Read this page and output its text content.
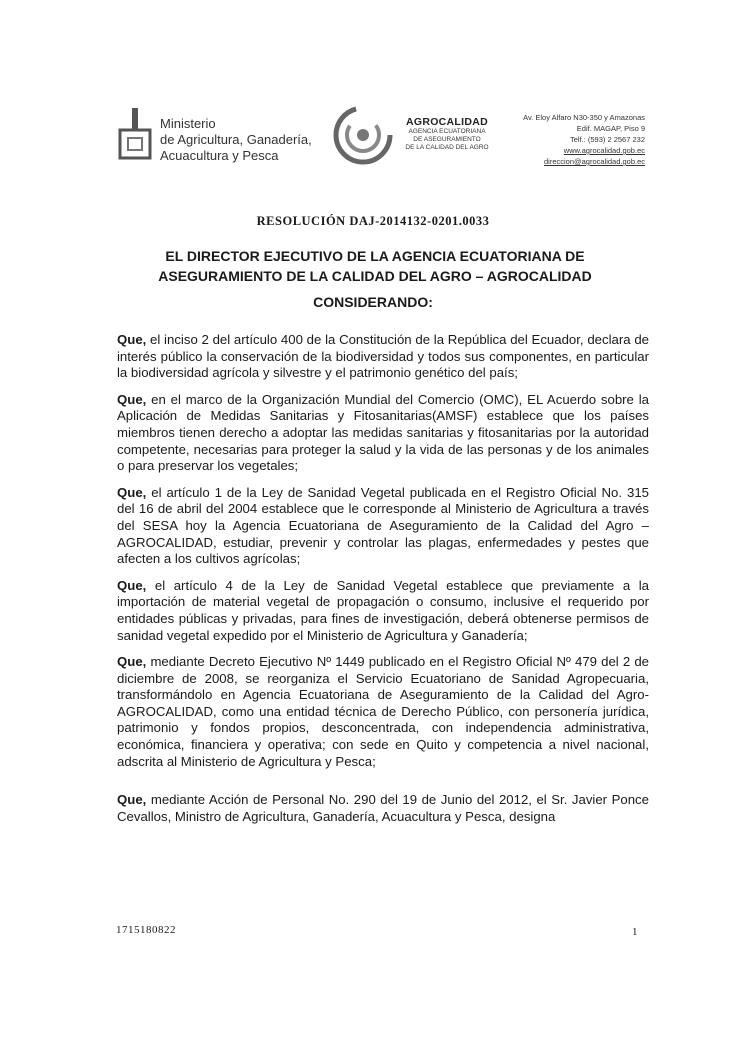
Ministerio
de Agricultura, Ganadería,
Acuacultura y Pesca
AGROCALIDAD
AGENCIA ECUATORIANA
DE ASEGURAMIENTO
DE LA CALIDAD DEL AGRO
Av. Eloy Alfaro N30-350 y Amazonas
Edif. MAGAP, Piso 9
Telf.: (593) 2 2567 232
www.agrocalidad.gob.ec
direccion@agrocalidad.gob.ec
RESOLUCIÓN DAJ-2014132-0201.0033
EL DIRECTOR EJECUTIVO DE LA AGENCIA ECUATORIANA DE ASEGURAMIENTO DE LA CALIDAD DEL AGRO – AGROCALIDAD
CONSIDERANDO:

Que, el inciso 2 del artículo 400 de la Constitución de la República del Ecuador, declara de interés público la conservación de la biodiversidad y todos sus componentes, en particular la biodiversidad agrícola y silvestre y el patrimonio genético del país;

Que, en el marco de la Organización Mundial del Comercio (OMC), EL Acuerdo sobre la Aplicación de Medidas Sanitarias y Fitosanitarias(AMSF) establece que los países miembros tienen derecho a adoptar las medidas sanitarias y fitosanitarias por la autoridad competente, necesarias para proteger la salud y la vida de las personas y de los animales o para preservar los vegetales;

Que, el artículo 1 de la Ley de Sanidad Vegetal publicada en el Registro Oficial No. 315 del 16 de abril del 2004 establece que le corresponde al Ministerio de Agricultura a través del SESA hoy la Agencia Ecuatoriana de Aseguramiento de la Calidad del Agro – AGROCALIDAD, estudiar, prevenir y controlar las plagas, enfermedades y pestes que afecten a los cultivos agrícolas;

Que, el artículo 4 de la Ley de Sanidad Vegetal establece que previamente a la importación de material vegetal de propagación o consumo, inclusive el requerido por entidades públicas y privadas, para fines de investigación, deberá obtenerse permisos de sanidad vegetal expedido por el Ministerio de Agricultura y Ganadería;

Que, mediante Decreto Ejecutivo Nº 1449 publicado en el Registro Oficial Nº 479 del 2 de diciembre de 2008, se reorganiza el Servicio Ecuatoriano de Sanidad Agropecuaria, transformándolo en Agencia Ecuatoriana de Aseguramiento de la Calidad del Agro- AGROCALIDAD, como una entidad técnica de Derecho Público, con personería jurídica, patrimonio y fondos propios, desconcentrada, con independencia administrativa, económica, financiera y operativa; con sede en Quito y competencia a nivel nacional, adscrita al Ministerio de Agricultura y Pesca;

Que, mediante Acción de Personal No. 290 del 19 de Junio del 2012, el Sr. Javier Ponce Cevallos, Ministro de Agricultura, Ganadería, Acuacultura y Pesca, designa

1715180822	1
